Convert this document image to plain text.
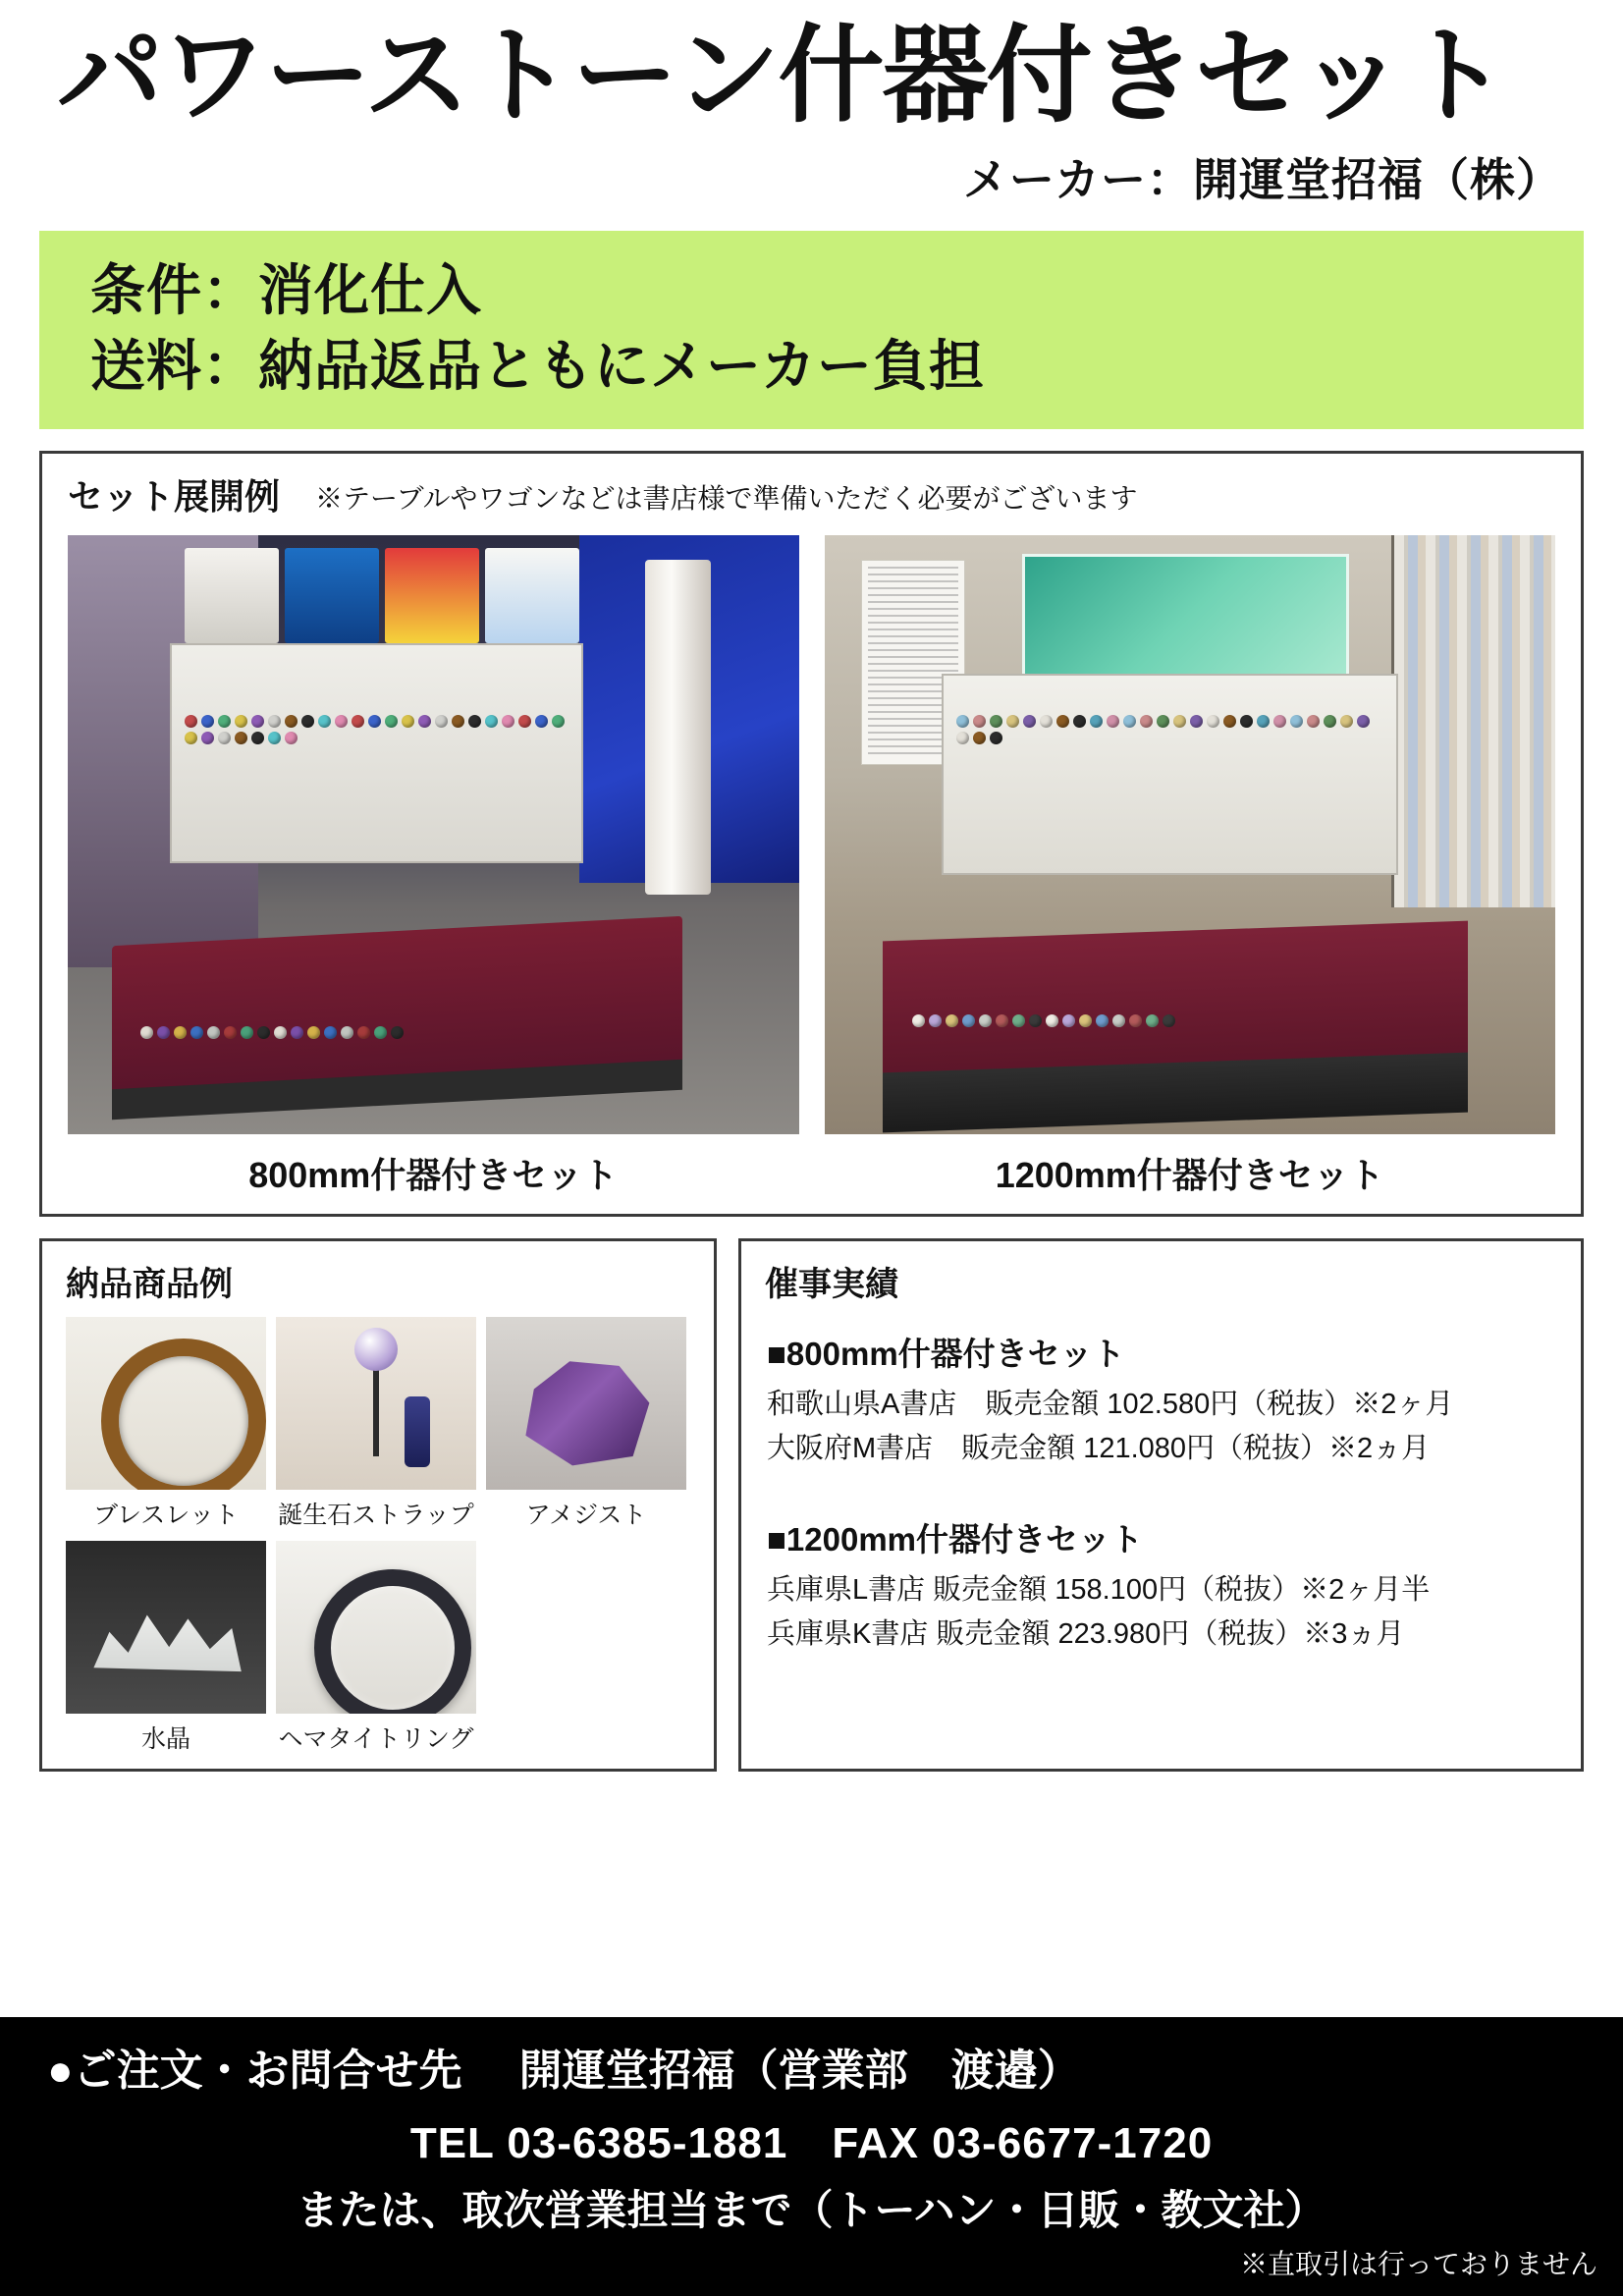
パワーストーン什器付きセット
メーカー：開運堂招福（株）
条件：消化仕入
送料：納品返品ともにメーカー負担
セット展開例 ※テーブルやワゴンなどは書店様で準備いただく必要がございます
800mm什器付きセット	1200mm什器付きセット
納品商品例
ブレスレット	誕生石ストラップ	アメジスト
水晶	ヘマタイトリング
催事実績
■800mm什器付きセット
和歌山県A書店　販売金額 102.580円（税抜）※2ヶ月
大阪府M書店　販売金額 121.080円（税抜）※2ヵ月
■1200mm什器付きセット
兵庫県L書店 販売金額 158.100円（税抜）※2ヶ月半
兵庫県K書店 販売金額 223.980円（税抜）※3ヵ月
●ご注文・お問合せ先 開運堂招福（営業部　渡邉）
TEL 03-6385-1881　FAX 03-6677-1720
または、取次営業担当まで（トーハン・日販・教文社）
※直取引は行っておりません
